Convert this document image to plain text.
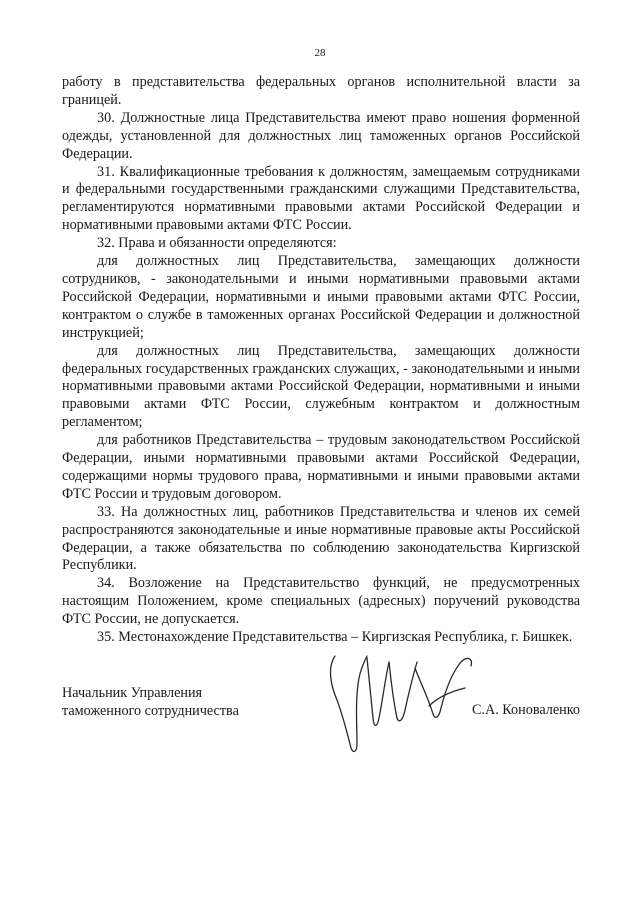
28

работу в представительства федеральных органов исполнительной власти за границей.

30. Должностные лица Представительства имеют право ношения форменной одежды, установленной для должностных лиц таможенных органов Российской Федерации.

31. Квалификационные требования к должностям, замещаемым сотрудниками и федеральными государственными гражданскими служащими Представительства, регламентируются нормативными правовыми актами Российской Федерации и нормативными правовыми актами ФТС России.

32. Права и обязанности определяются:

для должностных лиц Представительства, замещающих должности сотрудников, - законодательными и иными нормативными правовыми актами Российской Федерации, нормативными и иными правовыми актами ФТС России, контрактом о службе в таможенных органах Российской Федерации и должностной инструкцией;

для должностных лиц Представительства, замещающих должности федеральных государственных гражданских служащих, - законодательными и иными нормативными правовыми актами Российской Федерации, нормативными и иными правовыми актами ФТС России, служебным контрактом и должностным регламентом;

для работников Представительства – трудовым законодательством Российской Федерации, иными нормативными правовыми актами Российской Федерации, содержащими нормы трудового права, нормативными и иными правовыми актами ФТС России и трудовым договором.

33. На должностных лиц, работников Представительства и членов их семей распространяются законодательные и иные нормативные правовые акты Российской Федерации, а также обязательства по соблюдению законодательства Киргизской Республики.

34. Возложение на Представительство функций, не предусмотренных настоящим Положением, кроме специальных (адресных) поручений руководства ФТС России, не допускается.

35. Местонахождение Представительства – Киргизская Республика, г. Бишкек.

Начальник Управления
таможенного сотрудничества	С.А. Коноваленко
